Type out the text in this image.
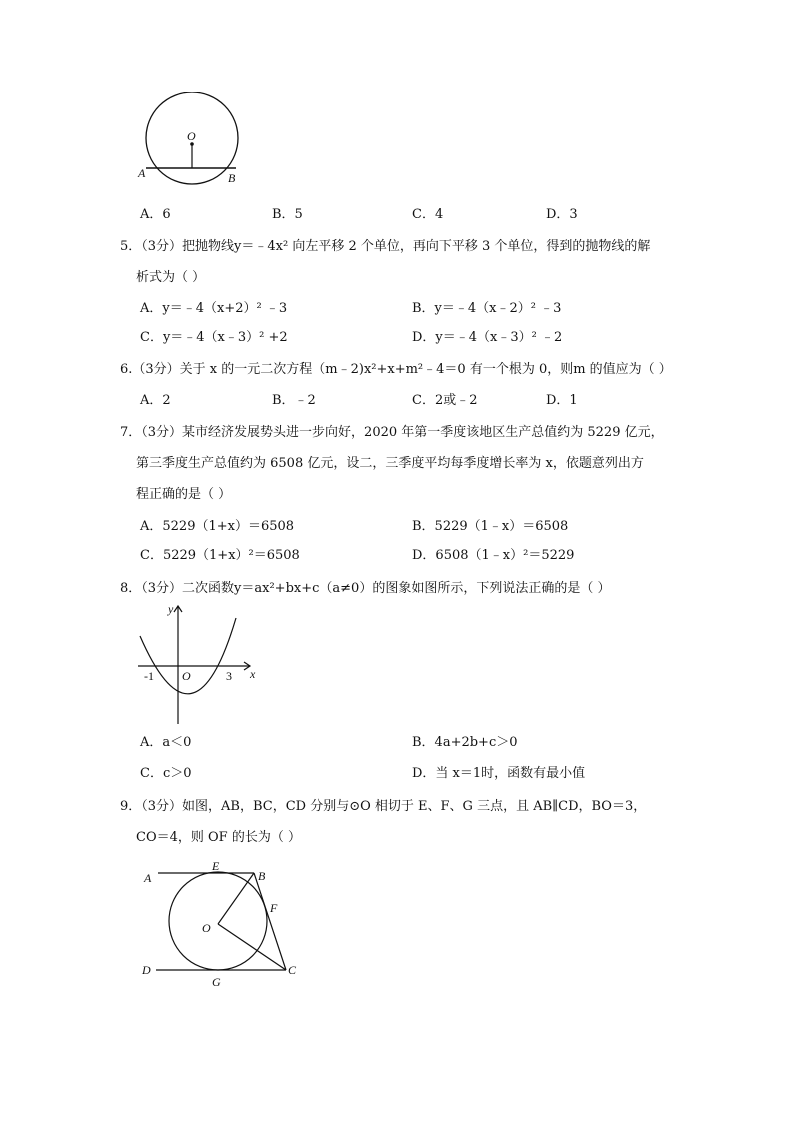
O
A	B
A．6	B．5	C．4	D．3
5．（3分）把抛物线y＝﹣4x² 向左平移 2 个单位，再向下平移 3 个单位，得到的抛物线的解
析式为（ ）
A．y＝﹣4（x+2）² ﹣3	B．y＝﹣4（x﹣2）² ﹣3
C．y＝﹣4（x﹣3）² +2	D．y＝﹣4（x﹣3）² ﹣2
6.（3分）关于 x 的一元二次方程（m﹣2)x²+x+m²﹣4＝0 有一个根为 0，则m 的值应为（ ）
A．2	B．﹣2	C．2或﹣2	D．1
7．（3分）某市经济发展势头进一步向好，2020 年第一季度该地区生产总值约为 5229 亿元，
第三季度生产总值约为 6508 亿元，设二，三季度平均每季度增长率为 x，依题意列出方
程正确的是（ ）
A．5229（1+x）＝6508	B．5229（1﹣x）＝6508
C．5229（1+x）²＝6508	D．6508（1﹣x）²＝5229
8．（3分）二次函数y＝ax²+bx+c（a≠0）的图象如图所示，下列说法正确的是（ ）
y
x
O
-1	3
A．a＜0	B．4a+2b+c＞0
C．c＞0	D．当 x＝1时，函数有最小值
9．（3分）如图，AB，BC，CD 分别与⊙O 相切于 E、F、G 三点，且 AB∥CD，BO＝3，
CO＝4，则 OF 的长为（ ）
A
E
B
F
O
D
G
C
